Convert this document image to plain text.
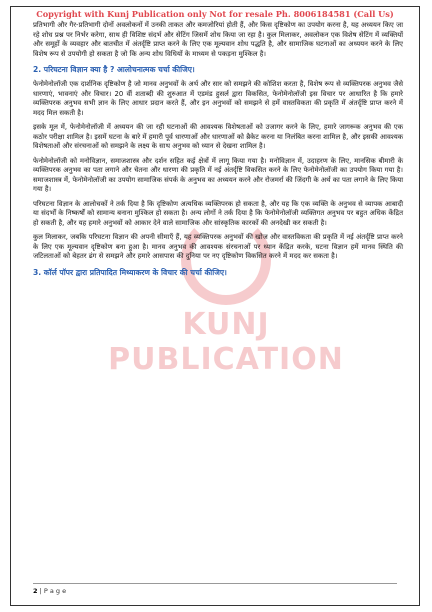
Copyright with Kunj Publication only Not for resale Ph. 8006184581 (Call Us)
KUNJ PUBLICATION

प्रतिभागी और गैर-प्रतिभागी दोनों अवलोकनों में उनकी ताकत और कमजोरियां होती हैं, और किस दृष्टिकोण का उपयोग करना है, यह अध्ययन किए जा रहे शोध प्रश्न पर निर्भर करेगा, साथ ही विशिष्ट संदर्भ और सेटिंग जिसमें शोध किया जा रहा है। कुल मिलाकर, अवलोकन एक विशेष सेटिंग में व्यक्तियों और समूहों के व्यवहार और बातचीत में अंतर्दृष्टि प्राप्त करने के लिए एक मूल्यवान शोध पद्धति है, और सामाजिक घटनाओं का अध्ययन करने के लिए विशेष रूप से उपयोगी हो सकता है जो कि अन्य शोध विधियों के माध्यम से पकड़ना मुश्किल है।

2. परिघटना विज्ञान क्या है ? आलोचनात्मक चर्चा कीजिए।

फेनोमेनोलॉजी एक दार्शनिक दृष्टिकोण है जो मानव अनुभवों के अर्थ और सार को समझने की कोशिश करता है, विशेष रूप से व्यक्तिपरक अनुभव जैसे धारणाएं, भावनाएं और विचार। 20 वीं शताब्दी की शुरुआत में एडमंड हुसर्ल द्वारा विकसित, फेनोमेनोलॉजी इस विचार पर आधारित है कि हमारे व्यक्तिपरक अनुभव सभी ज्ञान के लिए आधार प्रदान करते हैं, और इन अनुभवों को समझने से हमें वास्तविकता की प्रकृति में अंतर्दृष्टि प्राप्त करने में मदद मिल सकती है।

इसके मूल में, फेनोमेनोलॉजी में अध्ययन की जा रही घटनाओं की आवश्यक विशेषताओं को उजागर करने के लिए, हमारे जागरूक अनुभव की एक कठोर परीक्षा शामिल है। इसमें घटना के बारे में हमारी पूर्व धारणाओं और धारणाओं को ब्रैकेट करना या निलंबित करना शामिल है, और इसकी आवश्यक विशेषताओं और संरचनाओं को समझने के लक्ष्य के साथ अनुभव को ध्यान से देखना शामिल है।

फेनोमेनोलॉजी को मनोविज्ञान, समाजशास्त्र और दर्शन सहित कई क्षेत्रों में लागू किया गया है। मनोविज्ञान में, उदाहरण के लिए, मानसिक बीमारी के व्यक्तिपरक अनुभव का पता लगाने और चेतना और धारणा की प्रकृति में नई अंतर्दृष्टि विकसित करने के लिए फेनोमेनोलॉजी का उपयोग किया गया है। समाजशास्त्र में, फेनोमेनोलॉजी का उपयोग सामाजिक संपर्क के अनुभव का अध्ययन करने और रोजमर्रा की जिंदगी के अर्थ का पता लगाने के लिए किया गया है।

परिघटना विज्ञान के आलोचकों ने तर्क दिया है कि दृष्टिकोण अत्यधिक व्यक्तिपरक हो सकता है, और यह कि एक व्यक्ति के अनुभव से व्यापक आबादी या संदर्भों के निष्कर्षों को सामान्य बनाना मुश्किल हो सकता है। अन्य लोगों ने तर्क दिया है कि फेनोमेनोलॉजी व्यक्तिगत अनुभव पर बहुत अधिक केंद्रित हो सकती है, और यह हमारे अनुभवों को आकार देने वाले सामाजिक और सांस्कृतिक कारकों की अनदेखी कर सकती है।

कुल मिलाकर, जबकि परिघटना विज्ञान की अपनी सीमाएँ हैं, यह व्यक्तिपरक अनुभवों की खोज और वास्तविकता की प्रकृति में नई अंतर्दृष्टि प्राप्त करने के लिए एक मूल्यवान दृष्टिकोण बना हुआ है। मानव अनुभव की आवश्यक संरचनाओं पर ध्यान केंद्रित करके, घटना विज्ञान हमें मानव स्थिति की जटिलताओं को बेहतर ढंग से समझने और हमारे आसपास की दुनिया पर नए दृष्टिकोण विकसित करने में मदद कर सकता है।

3. कॉर्ल पॉपर द्वारा प्रतिपादित मिथ्याकरण के विचार की चर्चा कीजिए।
2 | P a g e
